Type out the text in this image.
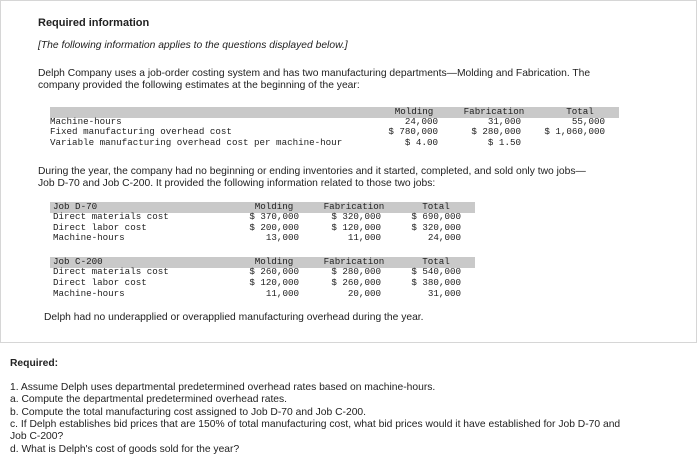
Required information
[The following information applies to the questions displayed below.]
Delph Company uses a job-order costing system and has two manufacturing departments—Molding and Fabrication. The
company provided the following estimates at the beginning of the year:
Molding	Fabrication	Total
Machine-hours	24,000	31,000	55,000
Fixed manufacturing overhead cost	$ 780,000	$ 280,000	$ 1,060,000
Variable manufacturing overhead cost per machine-hour	$ 4.00	$ 1.50
During the year, the company had no beginning or ending inventories and it started, completed, and sold only two jobs—
Job D-70 and Job C-200. It provided the following information related to those two jobs:
Job D-70	Molding	Fabrication	Total
Direct materials cost	$ 370,000	$ 320,000	$ 690,000
Direct labor cost	$ 200,000	$ 120,000	$ 320,000
Machine-hours	13,000	11,000	24,000
Job C-200	Molding	Fabrication	Total
Direct materials cost	$ 260,000	$ 280,000	$ 540,000
Direct labor cost	$ 120,000	$ 260,000	$ 380,000
Machine-hours	11,000	20,000	31,000
Delph had no underapplied or overapplied manufacturing overhead during the year.
Required:
1. Assume Delph uses departmental predetermined overhead rates based on machine-hours.
a. Compute the departmental predetermined overhead rates.
b. Compute the total manufacturing cost assigned to Job D-70 and Job C-200.
c. If Delph establishes bid prices that are 150% of total manufacturing cost, what bid prices would it have established for Job D-70 and
Job C-200?
d. What is Delph's cost of goods sold for the year?
